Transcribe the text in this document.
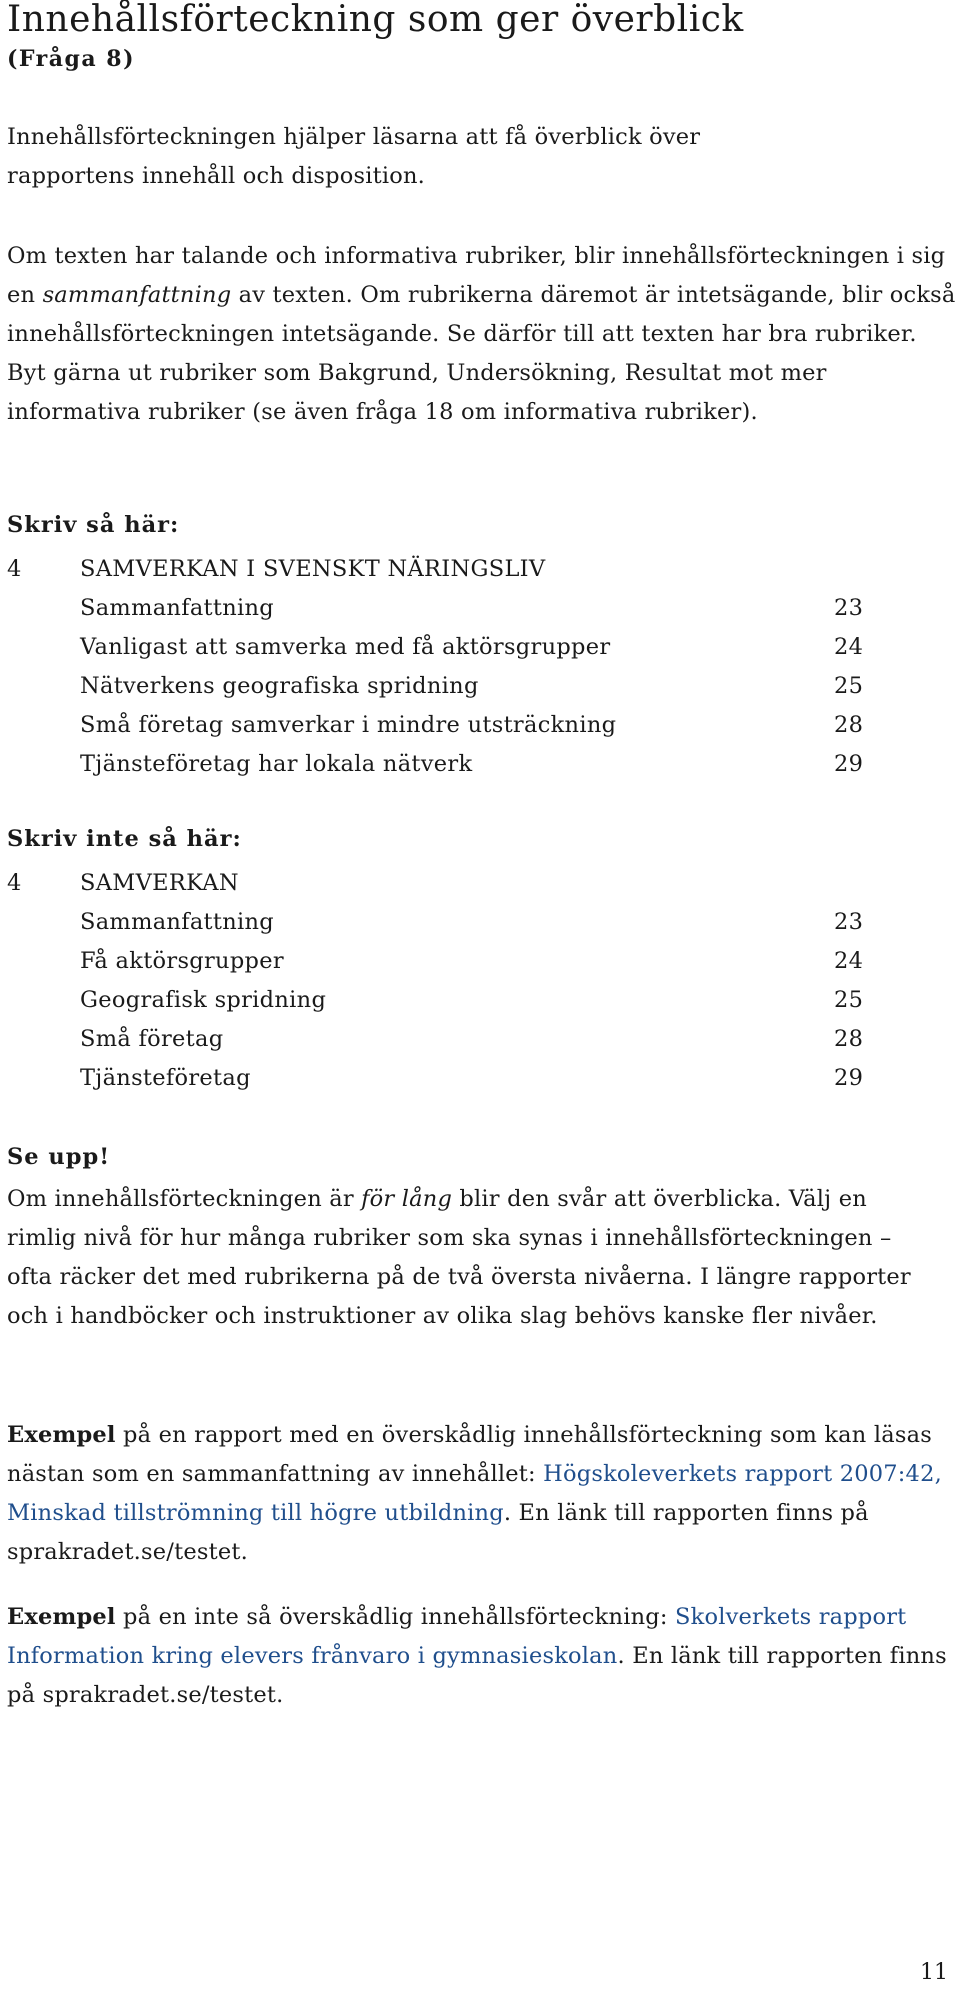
Innehållsförteckning som ger överblick
(Fråga 8)

Innehållsförteckningen hjälper läsarna att få överblick över rapportens innehåll och disposition.

Om texten har talande och informativa rubriker, blir innehållsförteckningen i sig en sammanfattning av texten. Om rubrikerna däremot är intetsägande, blir också innehållsförteckningen intetsägande. Se därför till att texten har bra rubriker. Byt gärna ut rubriker som Bakgrund, Undersökning, Resultat mot mer informativa rubriker (se även fråga 18 om informativa rubriker).

Skriv så här:
4	SAMVERKAN I SVENSKT NÄRINGSLIV
Sammanfattning	23
Vanligast att samverka med få aktörsgrupper	24
Nätverkens geografiska spridning	25
Små företag samverkar i mindre utsträckning	28
Tjänsteföretag har lokala nätverk	29
Skriv inte så här:
4	SAMVERKAN
Sammanfattning	23
Få aktörsgrupper	24
Geografisk spridning	25
Små företag	28
Tjänsteföretag	29
Se upp!

Om innehållsförteckningen är för lång blir den svår att överblicka. Välj en rimlig nivå för hur många rubriker som ska synas i innehållsförteckningen – ofta räcker det med rubrikerna på de två översta nivåerna. I längre rapporter och i handböcker och instruktioner av olika slag behövs kanske fler nivåer.

Exempel på en rapport med en överskådlig innehållsförteckning som kan läsas nästan som en sammanfattning av innehållet: Högskoleverkets rapport 2007:42, Minskad tillströmning till högre utbildning. En länk till rapporten finns på sprakradet.se/testet.

Exempel på en inte så överskådlig innehållsförteckning: Skolverkets rapport Information kring elevers frånvaro i gymnasieskolan. En länk till rapporten finns på sprakradet.se/testet.

11
